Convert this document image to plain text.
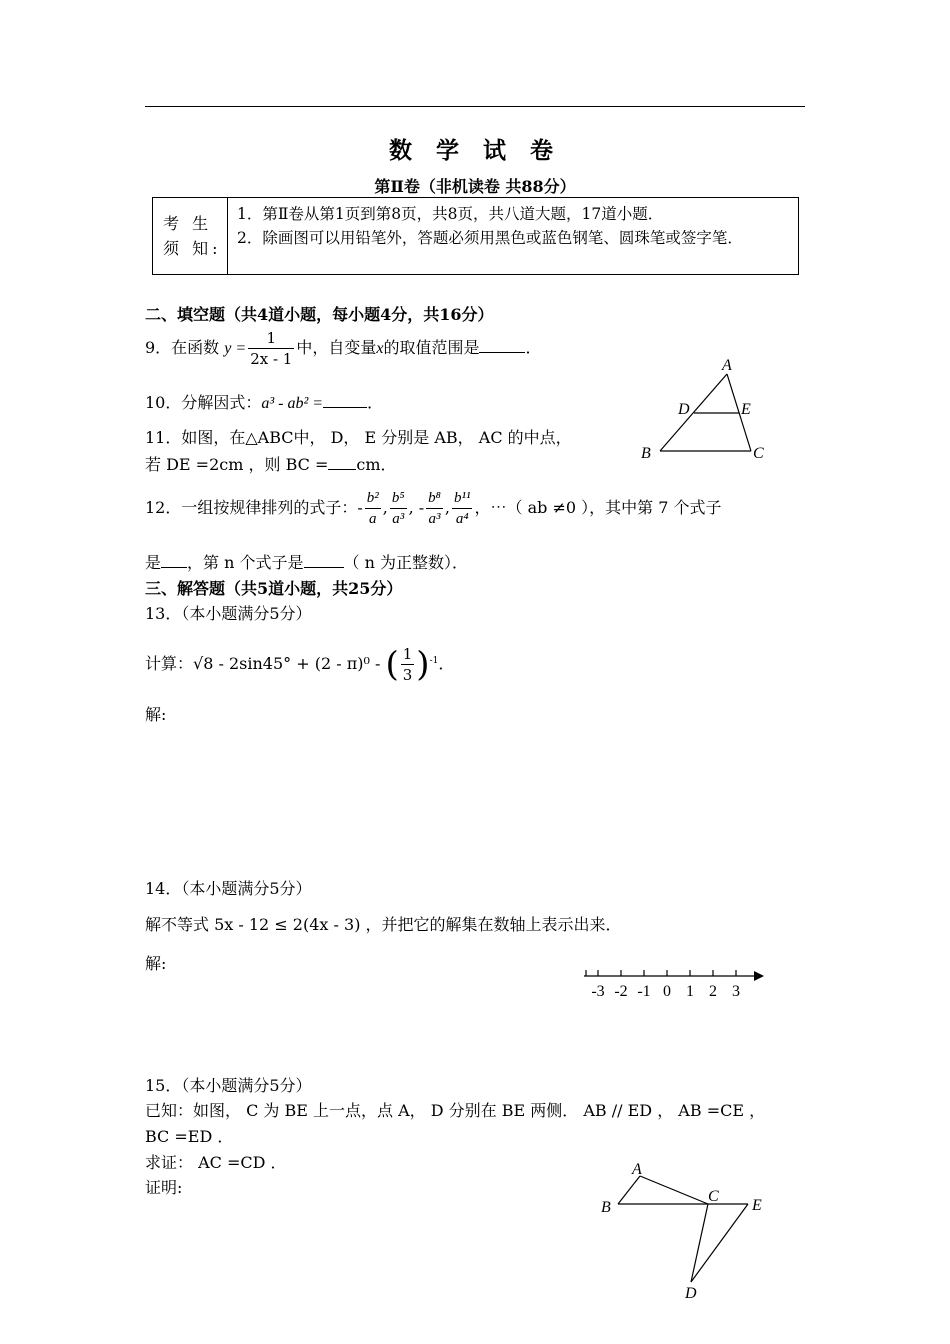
数 学 试 卷
第Ⅱ卷（非机读卷 共88分）
考 生
须 知:
1．第Ⅱ卷从第1页到第8页，共8页，共八道大题，17道小题．
2．除画图可以用铅笔外，答题必须用黑色或蓝色钢笔、圆珠笔或签字笔．
二、填空题（共4道小题，每小题4分，共16分）
9．在函数 $y = \frac{1}{2x - 1}$ 中，自变量x的取值范围是	．
10．分解因式：a³ - ab² =	．
11．如图，在△ABC中， D， E 分别是 AB， AC 的中点，
若 DE =2cm ，则 BC = cm．
A
D	E
B	C
12．一组按规律排列的式子：- $\frac{\text{b²}}{a}$ , $\frac{\text{b⁵}}{\text{a³}}$ , - $\frac{\text{b⁸}}{\text{a³}}$ , $\frac{\text{b¹¹}}{\text{a⁴}}$ ，⋯（ ab ≠0 ），其中第 7 个式子
是 ，第 n 个式子是	（ n 为正整数）．
三、解答题（共5道小题，共25分）
13．（本小题满分5分）
计算：√8 - 2sin45° + (2 - π)⁰ - ( $\frac{1}{3} )^{-1}$．
解:
14．（本小题满分5分）
解不等式 5x - 12 ≤ 2(4x - 3) ，并把它的解集在数轴上表示出来．
解:
-3 -2 -1 0 1 2 3
15．（本小题满分5分）
已知：如图， C 为 BE 上一点，点 A， D 分别在 BE 两侧． AB // ED ， AB =CE ，
BC =ED ．
求证： AC =CD ．
证明:
A
B
C
E
D
